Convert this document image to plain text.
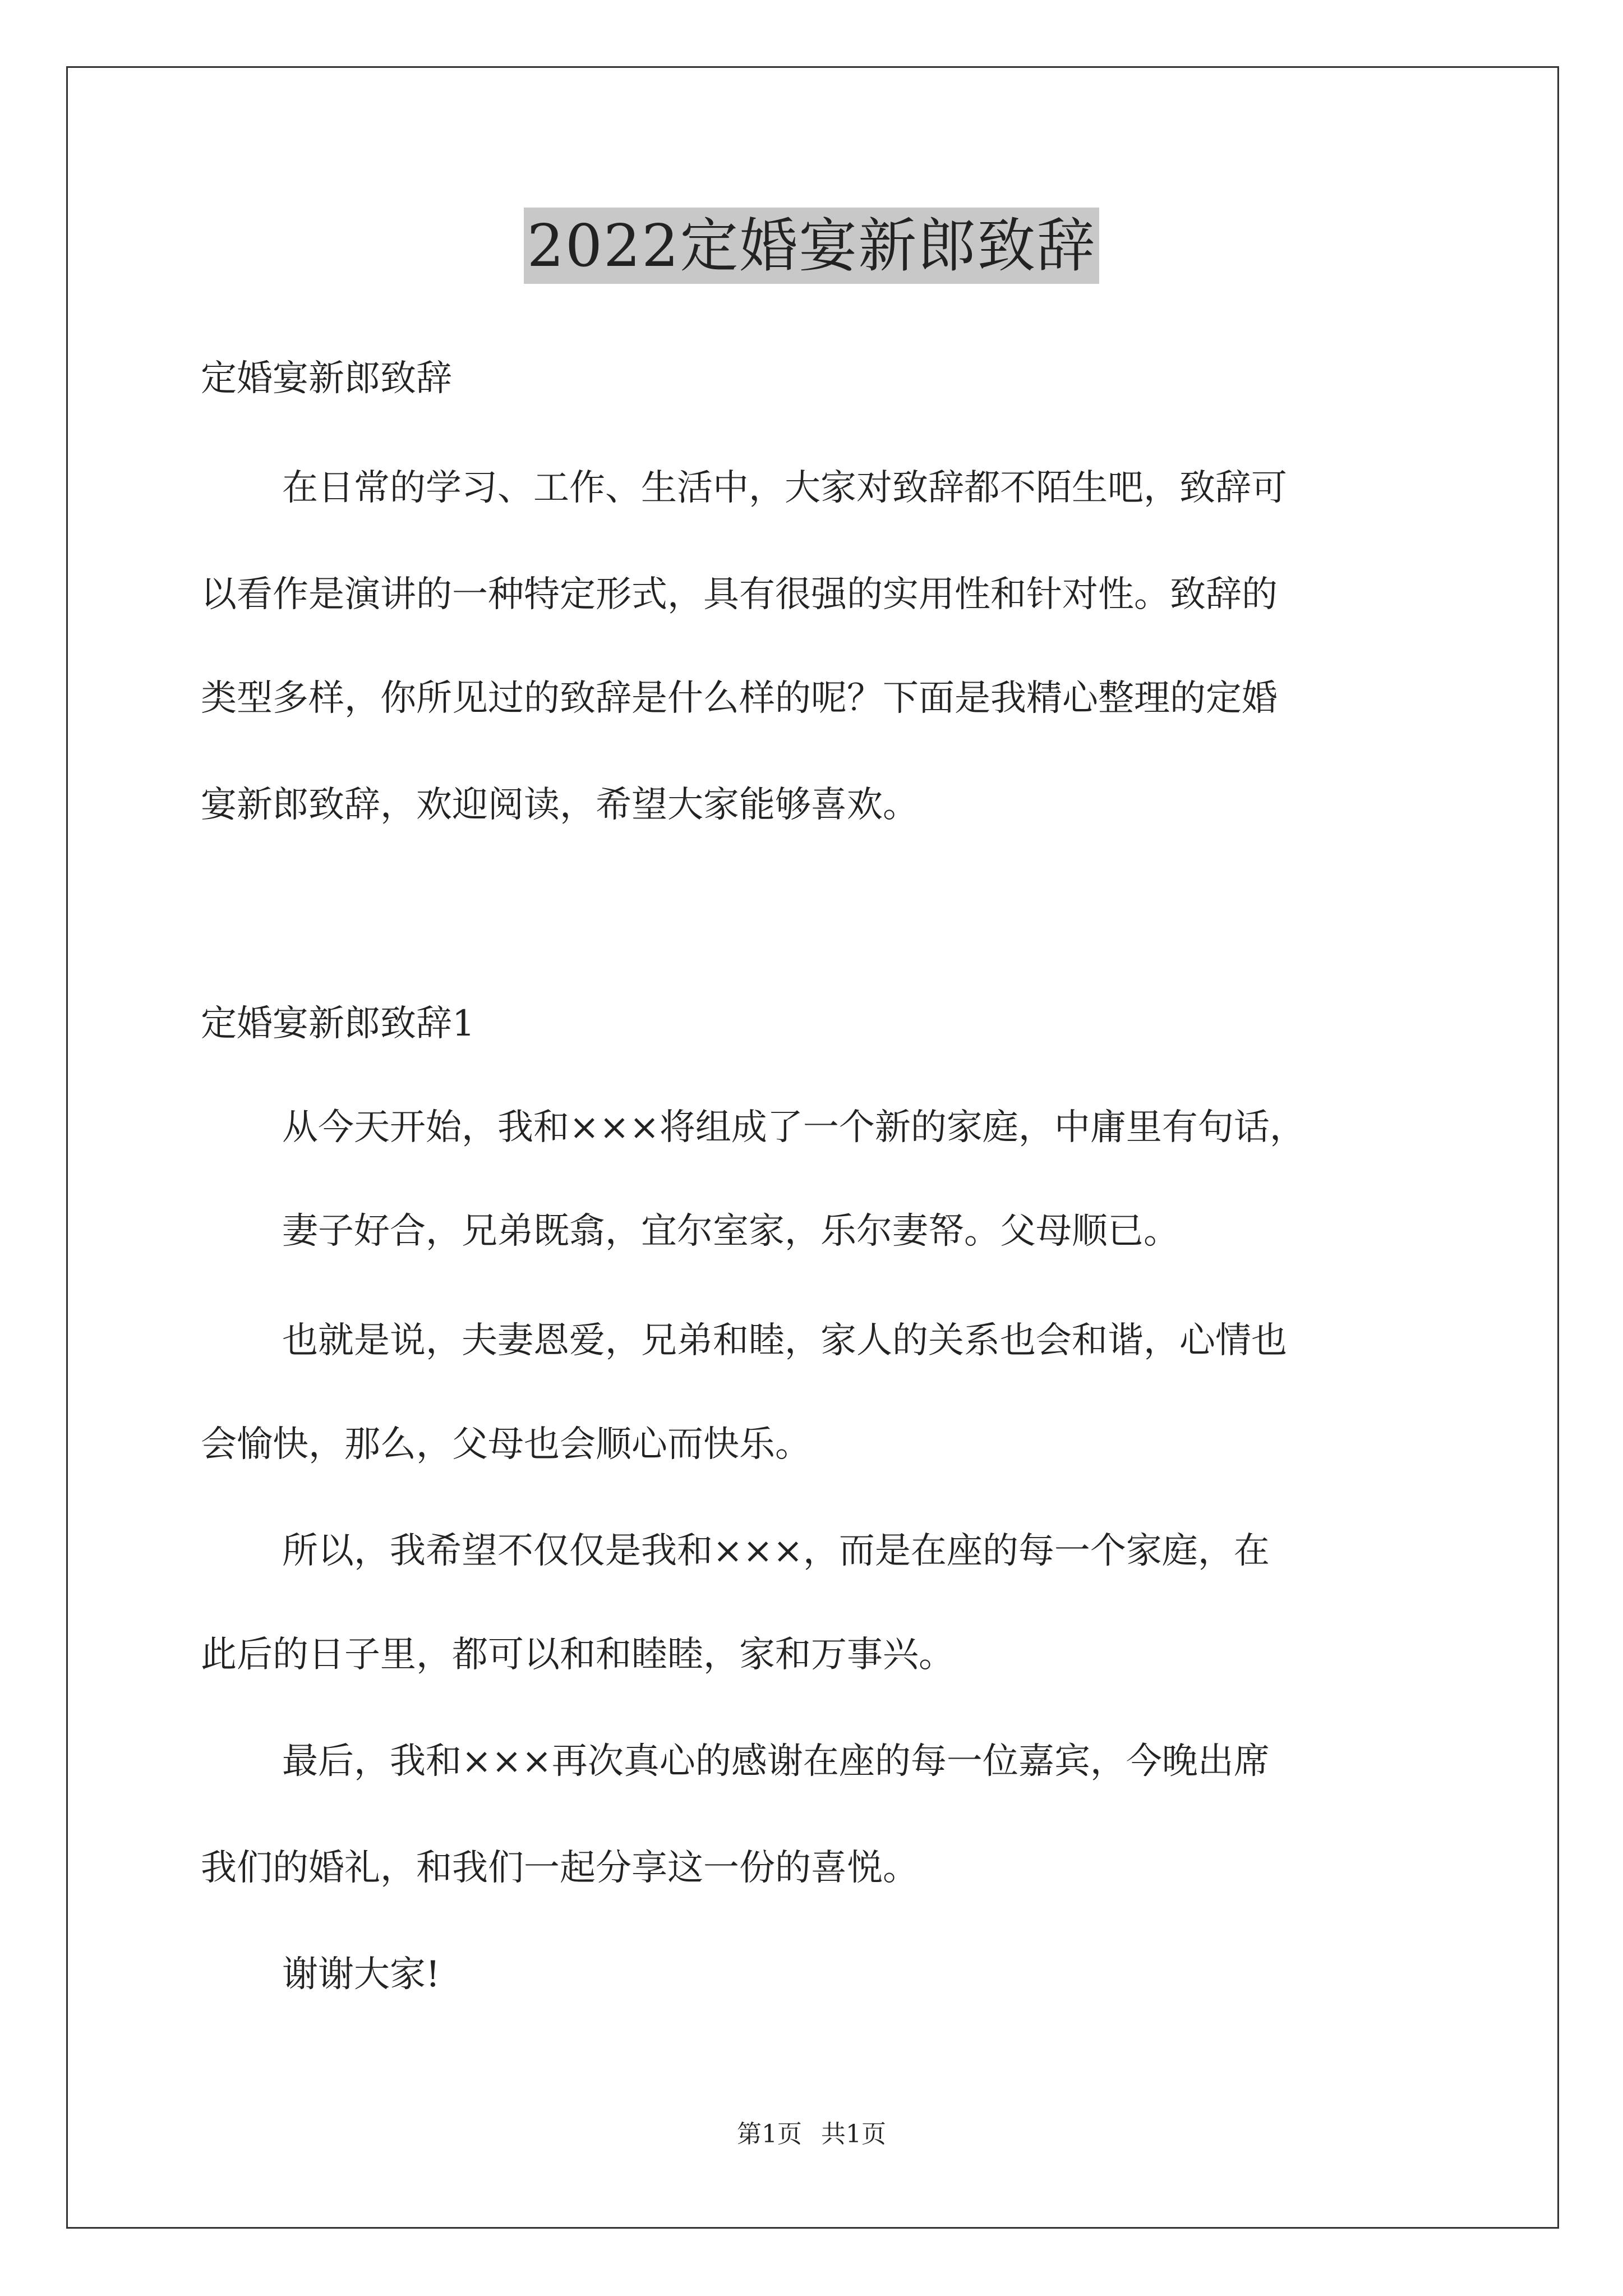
2022定婚宴新郎致辞
定婚宴新郎致辞
在日常的学习、工作、生活中，大家对致辞都不陌生吧，致辞可
以看作是演讲的一种特定形式，具有很强的实用性和针对性。致辞的
类型多样，你所见过的致辞是什么样的呢？下面是我精心整理的定婚
宴新郎致辞，欢迎阅读，希望大家能够喜欢。
定婚宴新郎致辞1
从今天开始，我和×××将组成了一个新的家庭，中庸里有句话，
妻子好合，兄弟既翕，宜尔室家，乐尔妻帑。父母顺已。
也就是说，夫妻恩爱，兄弟和睦，家人的关系也会和谐，心情也
会愉快，那么，父母也会顺心而快乐。
所以，我希望不仅仅是我和×××，而是在座的每一个家庭，在
此后的日子里，都可以和和睦睦，家和万事兴。
最后，我和×××再次真心的感谢在座的每一位嘉宾，今晚出席
我们的婚礼，和我们一起分享这一份的喜悦。
谢谢大家!
第1页 共1页
